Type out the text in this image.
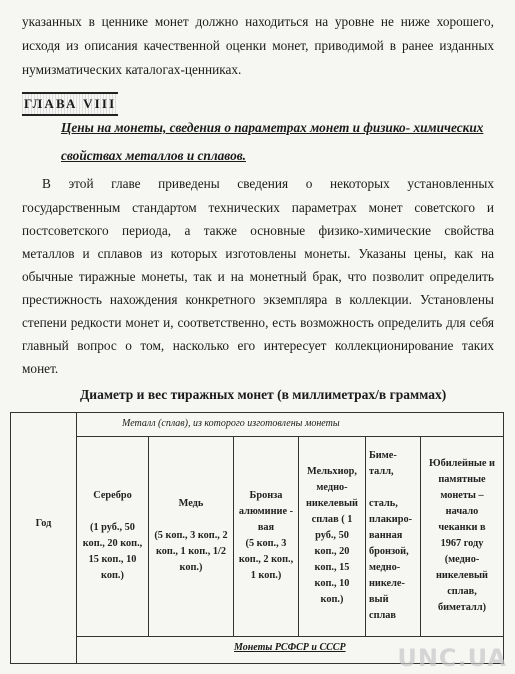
указанных в ценнике монет должно находиться на уровне не ниже хорошего,
исходя из описания качественной оценки монет, приводимой в ранее изданных
нумизматических каталогах-ценниках.
ГЛАВА VIII
Цены на монеты, сведения о параметрах монет и физико- химических
свойствах металлов и сплавов.
В этой главе приведены сведения о некоторых установленных
государственным стандартом технических параметрах монет советского и
постсоветского периода, а также основные физико-химические свойства
металлов и сплавов из которых изготовлены монеты. Указаны цены, как на
обычные тиражные монеты, так и на монетный брак, что позволит определить
престижность нахождения конкретного экземпляра в коллекции. Установлены
степени редкости монет и, соответственно, есть возможность определить для себя
главный вопрос о том, насколько его интересует коллекционирование таких
монет.
Диаметр и вес тиражных монет (в миллиметрах/в граммах)
Год
Металл (сплав), из которого изготовлены монеты
Серебро
(1 руб., 50
коп., 20 коп.,
15 коп., 10
коп.)
Медь
(5 коп., 3 коп., 2
коп., 1 коп., 1/2
коп.)
Бронза
алюминие -
вая
(5 коп., 3
коп., 2 коп.,
1 коп.)
Мельхиор,
медно-
никелевый
сплав ( 1
руб., 50
коп., 20
коп., 15
коп., 10
коп.)
Биме-
талл,
сталь,
плакиро-
ванная
бронзой,
медно-
никеле-
вый
сплав
Юбилейные и
памятные
монеты –
начало
чеканки в
1967 году
(медно-
никелевый
сплав,
биметалл)
Монеты РСФСР и СССР UNC.UA
